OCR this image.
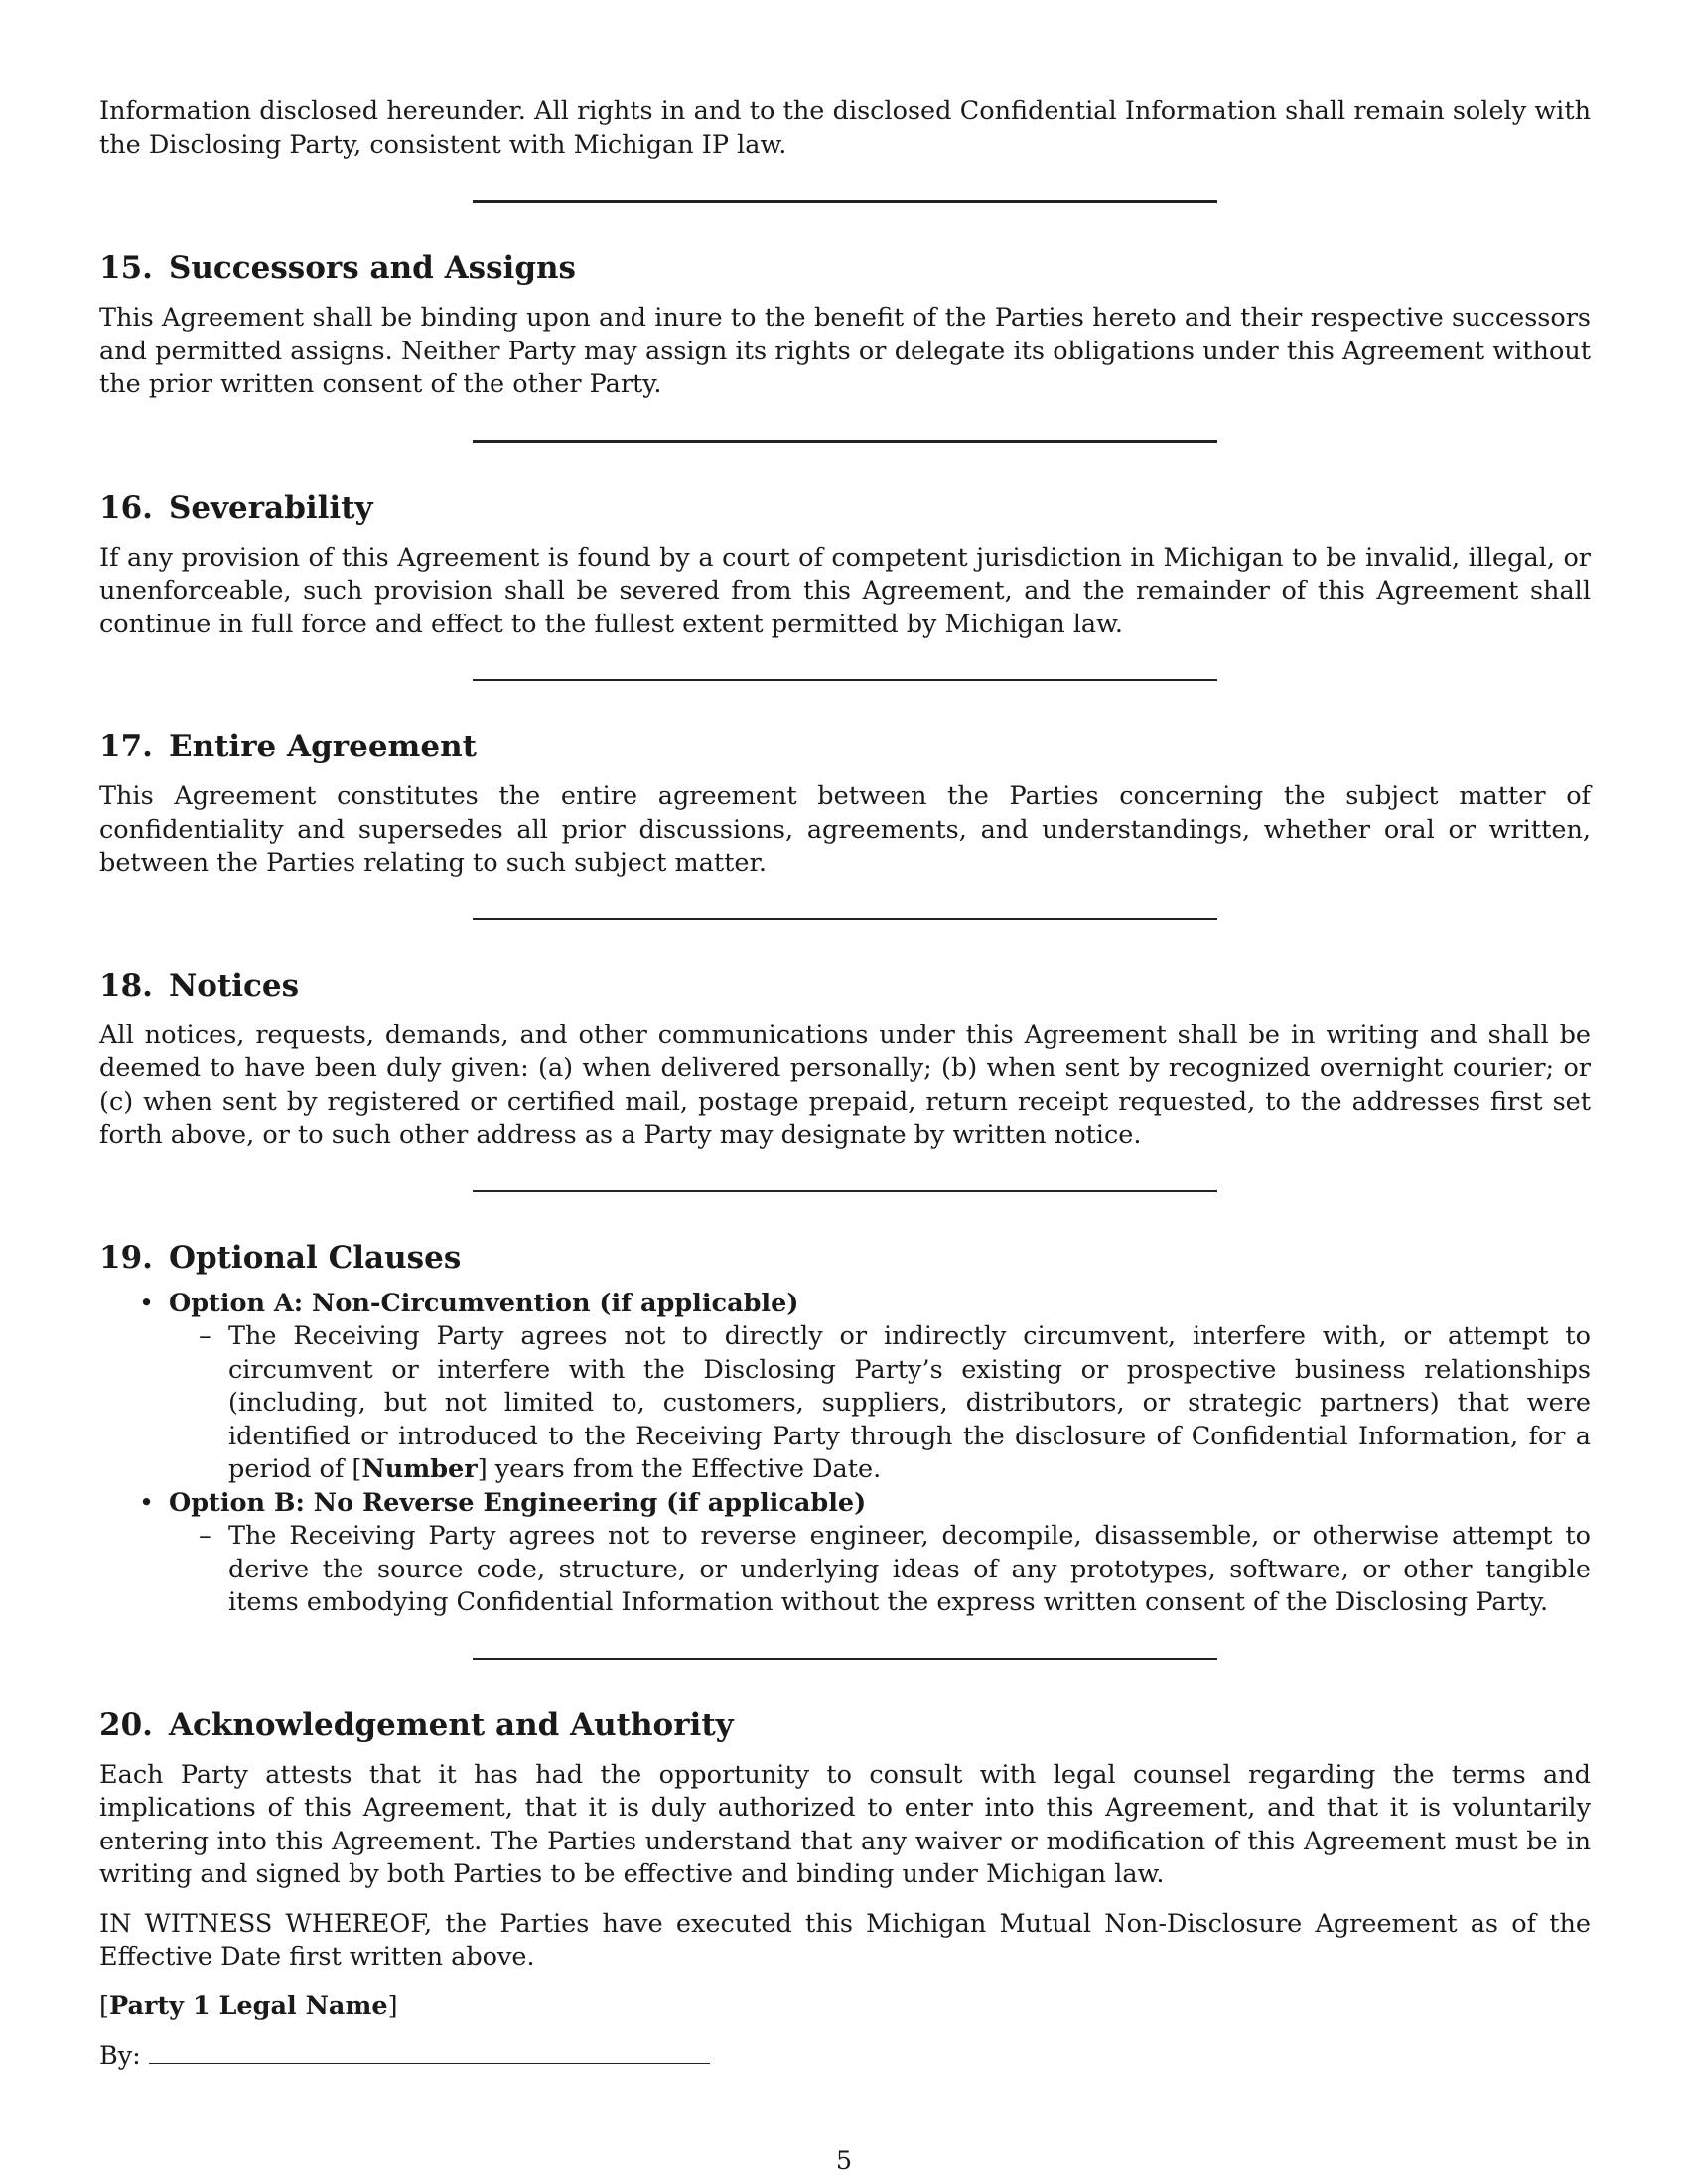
Information disclosed hereunder. All rights in and to the disclosed Confidential Information shall remain solely with the Disclosing Party, consistent with Michigan IP law.

15. Successors and Assigns

This Agreement shall be binding upon and inure to the benefit of the Parties hereto and their respective successors and permitted assigns. Neither Party may assign its rights or delegate its obligations under this Agreement without the prior written consent of the other Party.

16. Severability

If any provision of this Agreement is found by a court of competent jurisdiction in Michigan to be invalid, illegal, or unenforceable, such provision shall be severed from this Agreement, and the remainder of this Agreement shall continue in full force and effect to the fullest extent permitted by Michigan law.

17. Entire Agreement

This Agreement constitutes the entire agreement between the Parties concerning the subject matter of confidentiality and supersedes all prior discussions, agreements, and understandings, whether oral or written, between the Parties relating to such subject matter.

18. Notices

All notices, requests, demands, and other communications under this Agreement shall be in writing and shall be deemed to have been duly given: (a) when delivered personally; (b) when sent by recognized overnight courier; or (c) when sent by registered or certified mail, postage prepaid, return receipt requested, to the addresses first set forth above, or to such other address as a Party may designate by written notice.

19. Optional Clauses
• Option A: Non-Circumvention (if applicable)
– The Receiving Party agrees not to directly or indirectly circumvent, interfere with, or attempt to circumvent or interfere with the Disclosing Party’s existing or prospective business relationships (including, but not limited to, customers, suppliers, distributors, or strategic partners) that were identified or introduced to the Receiving Party through the disclosure of Confidential Information, for a period of [Number] years from the Effective Date.
• Option B: No Reverse Engineering (if applicable)
– The Receiving Party agrees not to reverse engineer, decompile, disassemble, or otherwise attempt to derive the source code, structure, or underlying ideas of any prototypes, software, or other tangible items embodying Confidential Information without the express written consent of the Disclosing Party.
20. Acknowledgement and Authority

Each Party attests that it has had the opportunity to consult with legal counsel regarding the terms and implications of this Agreement, that it is duly authorized to enter into this Agreement, and that it is voluntarily entering into this Agreement. The Parties understand that any waiver or modification of this Agreement must be in writing and signed by both Parties to be effective and binding under Michigan law.

IN WITNESS WHEREOF, the Parties have executed this Michigan Mutual Non-Disclosure Agreement as of the Effective Date first written above.

[Party 1 Legal Name]
By:
5
